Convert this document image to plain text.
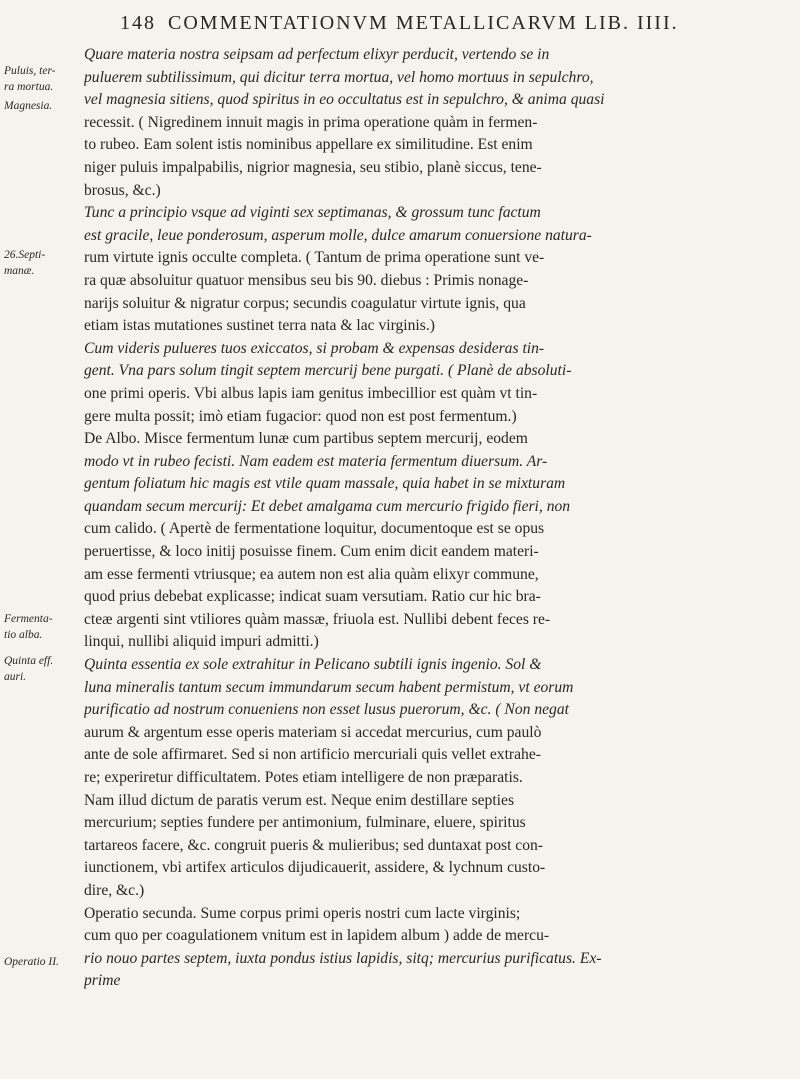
148 COMMENTATIONVM METALLICARVM LIB. IIII.
Puluis, ter-
ra mortua.
Magnesia.
26.Septi-
manæ.
Fermenta-
tio alba.
Quinta eff.
auri.
Operatio II.
Quare materia nostra seipsam ad perfectum elixyr perducit, vertendo se in
puluerem subtilissimum, qui dicitur terra mortua, vel homo mortuus in sepulchro,
vel magnesia sitiens, quod spiritus in eo occultatus est in sepulchro, & anima quasi
recessit. ( Nigredinem innuit magis in prima operatione quàm in fermen-
to rubeo. Eam solent istis nominibus appellare ex similitudine. Est enim
niger puluis impalpabilis, nigrior magnesia, seu stibio, planè siccus, tene-
brosus, &c.)
Tunc a principio vsque ad viginti sex septimanas, & grossum tunc factum
est gracile, leue ponderosum, asperum molle, dulce amarum conuersione natura-
rum virtute ignis occulte completa. ( Tantum de prima operatione sunt ve-
ra quæ absoluitur quatuor mensibus seu bis 90. diebus : Primis nonage-
narijs soluitur & nigratur corpus; secundis coagulatur virtute ignis, qua
etiam istas mutationes sustinet terra nata & lac virginis.)
Cum videris pulueres tuos exiccatos, si probam & expensas desideras tin-
gent. Vna pars solum tingit septem mercurij bene purgati. ( Planè de absoluti-
one primi operis. Vbi albus lapis iam genitus imbecillior est quàm vt tin-
gere multa possit; imò etiam fugacior: quod non est post fermentum.)
De Albo. Misce fermentum lunæ cum partibus septem mercurij, eodem
modo vt in rubeo fecisti. Nam eadem est materia fermentum diuersum. Ar-
gentum foliatum hic magis est vtile quam massale, quia habet in se mixturam
quandam secum mercurij: Et debet amalgama cum mercurio frigido fieri, non
cum calido. ( Apertè de fermentatione loquitur, documentoque est se opus
peruertisse, & loco initij posuisse finem. Cum enim dicit eandem materi-
am esse fermenti vtriusque; ea autem non est alia quàm elixyr commune,
quod prius debebat explicasse; indicat suam versutiam. Ratio cur hic bra-
cteæ argenti sint vtiliores quàm massæ, friuola est. Nullibi debent feces re-
linqui, nullibi aliquid impuri admitti.)
Quinta essentia ex sole extrahitur in Pelicano subtili ignis ingenio. Sol &
luna mineralis tantum secum immundarum secum habent permistum, vt eorum
purificatio ad nostrum conueniens non esset lusus puerorum, &c. ( Non negat
aurum & argentum esse operis materiam si accedat mercurius, cum paulò
ante de sole affirmaret. Sed si non artificio mercuriali quis vellet extrahe-
re; experiretur difficultatem. Potes etiam intelligere de non præparatis.
Nam illud dictum de paratis verum est. Neque enim destillare septies
mercurium; septies fundere per antimonium, fulminare, eluere, spiritus
tartareos facere, &c. congruit pueris & mulieribus; sed duntaxat post con-
iunctionem, vbi artifex articulos dijudicauerit, assidere, & lychnum custo-
dire, &c.)
Operatio secunda. Sume corpus primi operis nostri cum lacte virginis;
cum quo per coagulationem vnitum est in lapidem album ) adde de mercu-
rio nouo partes septem, iuxta pondus istius lapidis, sitq; mercurius purificatus. Ex-
prime
